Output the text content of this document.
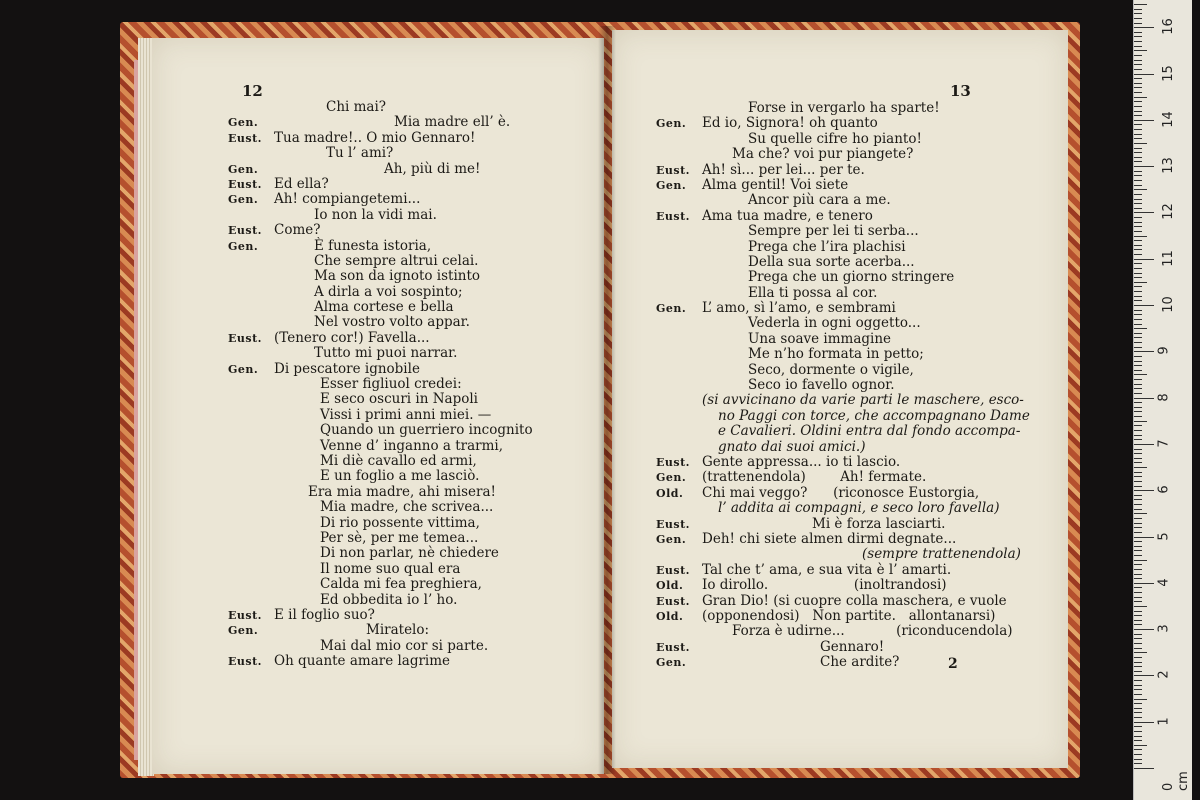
12
Chi mai?
Gen.	Mia madre ell’ è.
Eust. Tua madre!.. O mio Gennaro!
Tu l’ ami?
Gen.	Ah, più di me!
Eust. Ed ella?
Gen. Ah! compiangetemi...
Io non la vidi mai.
Eust. Come?
Gen.	È funesta istoria,
Che sempre altrui celai.
Ma son da ignoto istinto
A dirla a voi sospinto;
Alma cortese e bella
Nel vostro volto appar.
Eust. (Tenero cor!) Favella...
Tutto mi puoi narrar.
Gen. Di pescatore ignobile
Esser figliuol credei:
E seco oscuri in Napoli
Vissi i primi anni miei. —
Quando un guerriero incognito
Venne d’ inganno a trarmi,
Mi diè cavallo ed armi,
E un foglio a me lasciò.
Era mia madre, ahi misera!
Mia madre, che scrivea...
Di rio possente vittima,
Per sè, per me temea...
Di non parlar, nè chiedere
Il nome suo qual era
Calda mi fea preghiera,
Ed obbedita io l’ ho.
Eust. E il foglio suo?
Gen.	Miratelo:
Mai dal mio cor si parte.
Eust. Oh quante amare lagrime
13
Forse in vergarlo ha sparte!
Gen. Ed io, Signora! oh quanto
Su quelle cifre ho pianto!
Ma che? voi pur piangete?
Eust. Ah! sì... per lei... per te.
Gen. Alma gentil! Voi siete
Ancor più cara a me.
Eust. Ama tua madre, e tenero
Sempre per lei ti serba...
Prega che l’ira plachisi
Della sua sorte acerba...
Prega che un giorno stringere
Ella ti possa al cor.
Gen. L’ amo, sì l’amo, e sembrami
Vederla in ogni oggetto...
Una soave immagine
Me n’ho formata in petto;
Seco, dormente o vigile,
Seco io favello ognor.
(si avvicinano da varie parti le maschere, esco-
no Paggi con torce, che accompagnano Dame
e Cavalieri. Oldini entra dal fondo accompa-
gnato dai suoi amici.)
Eust. Gente appressa... io ti lascio.
Gen. (trattenendola)        Ah! fermate.
Old. Chi mai veggo?      (riconosce Eustorgia,
l’ addita ai compagni, e seco loro favella)
Eust.	Mi è forza lasciarti.
Gen. Deh! chi siete almen dirmi degnate...
(sempre trattenendola)
Eust. Tal che t’ ama, e sua vita è l’ amarti.
Old. Io dirollo.                    (inoltrandosi)
Eust. Gran Dio! (si cuopre colla maschera, e vuole
Old. (opponendosi)   Non partite.   allontanarsi)
Forza è udirne...            (riconducendola)
Eust.	Gennaro!
Gen.	Che ardite?	2
0 cm
1
2
3
4
5
6
7
8
9
10
11
12
13
14
15
16
